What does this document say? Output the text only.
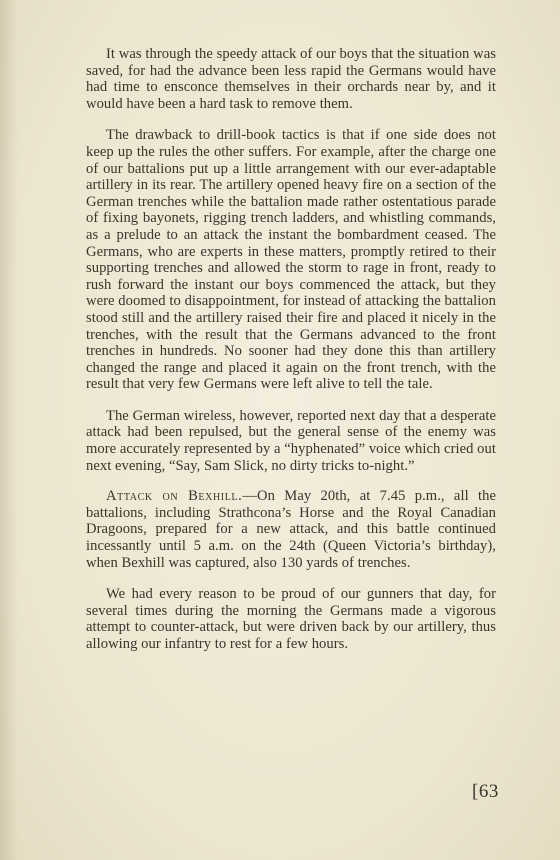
It was through the speedy attack of our boys that the situation was saved, for had the advance been less rapid the Germans would have had time to ensconce themselves in their orchards near by, and it would have been a hard task to remove them.

The drawback to drill-book tactics is that if one side does not keep up the rules the other suffers. For example, after the charge one of our battalions put up a little arrangement with our ever-adaptable artillery in its rear. The artillery opened heavy fire on a section of the German trenches while the battalion made rather ostentatious parade of fixing bayonets, rigging trench ladders, and whistling commands, as a prelude to an attack the instant the bombardment ceased. The Germans, who are experts in these matters, promptly retired to their supporting trenches and allowed the storm to rage in front, ready to rush forward the instant our boys commenced the attack, but they were doomed to disappointment, for instead of attacking the battalion stood still and the artillery raised their fire and placed it nicely in the trenches, with the result that the Germans advanced to the front trenches in hundreds. No sooner had they done this than artillery changed the range and placed it again on the front trench, with the result that very few Germans were left alive to tell the tale.

The German wireless, however, reported next day that a desperate attack had been repulsed, but the general sense of the enemy was more accurately represented by a “hyphenated” voice which cried out next evening, “Say, Sam Slick, no dirty tricks to-night.”

Attack on Bexhill.—On May 20th, at 7.45 p.m., all the battalions, including Strathcona’s Horse and the Royal Canadian Dragoons, prepared for a new attack, and this battle continued incessantly until 5 a.m. on the 24th (Queen Victoria’s birthday), when Bexhill was captured, also 130 yards of trenches.

We had every reason to be proud of our gunners that day, for several times during the morning the Germans made a vigorous attempt to counter-attack, but were driven back by our artillery, thus allowing our infantry to rest for a few hours.

[63
